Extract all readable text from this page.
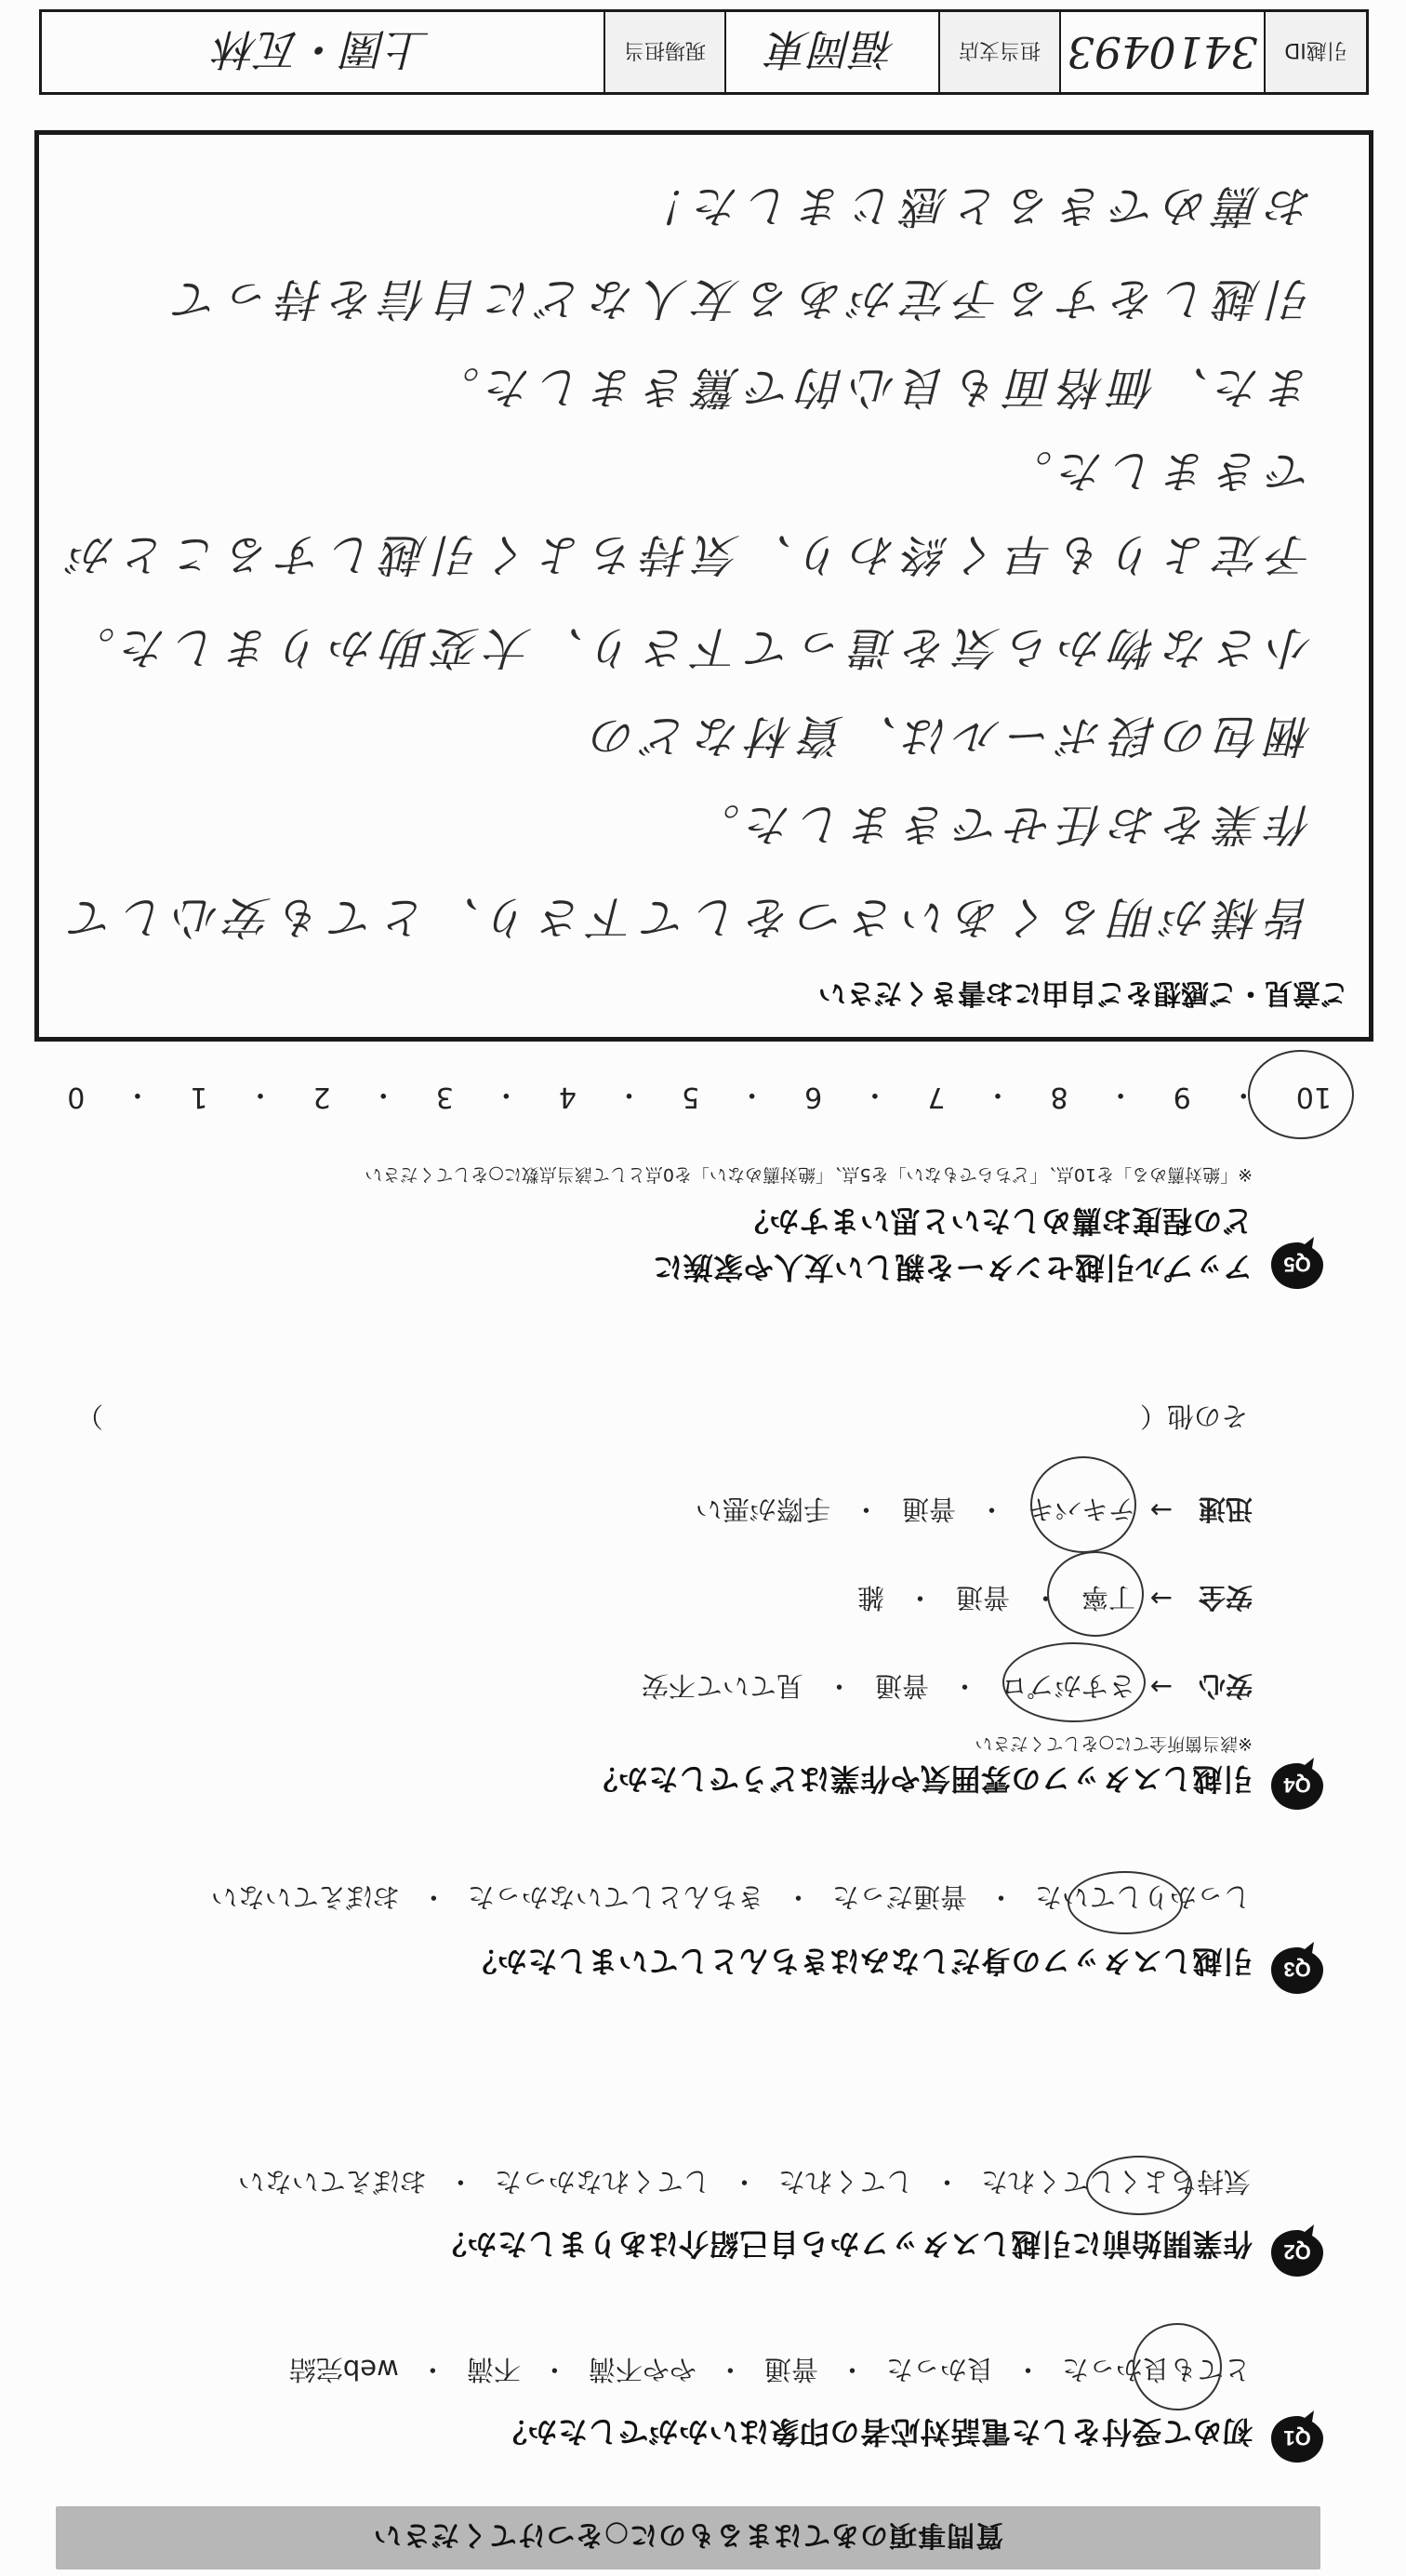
質問事項のあてはまるものに○をつけてください
Q1
初めて受付をした電話対応者の印象はいかがでしたか？
とても良かった
・
良かった
・
普通
・
やや不満
・
不満
・
web完結
Q2
作業開始前に引越しスタッフから自己紹介はありましたか？
気持ちよくしてくれた
・
してくれた
・
してくれなかった
・
おぼえていない
Q3
引越しスタッフの身だしなみはきちんとしていましたか？
しっかりしていた
・
普通だった
・
きちんとしていなかった
・
おぼえていない
Q4
引越しスタッフの雰囲気や作業はどうでしたか？
※該当箇所全てに○をしてください
安心
→
さすがプロ
・
普通
・
見ていて不安
安全
→
丁寧
・
普通
・
雑
迅速
→
テキパキ
・
普通
・
手際が悪い
その他（
）
Q5
アップル引越センターを親しい友人や家族に
どの程度お薦めしたいと思いますか？
※「絶対薦める」を10点、「どちらでもない」を5点、「絶対薦めない」を0点として該当点数に○をしてください
10
・
9
・
8
・
7
・
6
・
5
・
4
・
3
・
2
・
1
・
0
ご意見・ご感想をご自由にお書きください
皆様が明るくあいさつをして下さり、とても安心して
作業をお任せできました。
梱包の段ボールは、資材などの
小さな物から気を遣って下さり、大変助かりました。
予定よりも早く終わり、気持ちよく引越しすることが
できました。
また、価格面も良心的で驚きました。
引越しをする予定がある友人などに自信を持って
お薦めできると感じました！
引越ID
3410493
担当支店
福岡東
現場担当
上園・瓦林
